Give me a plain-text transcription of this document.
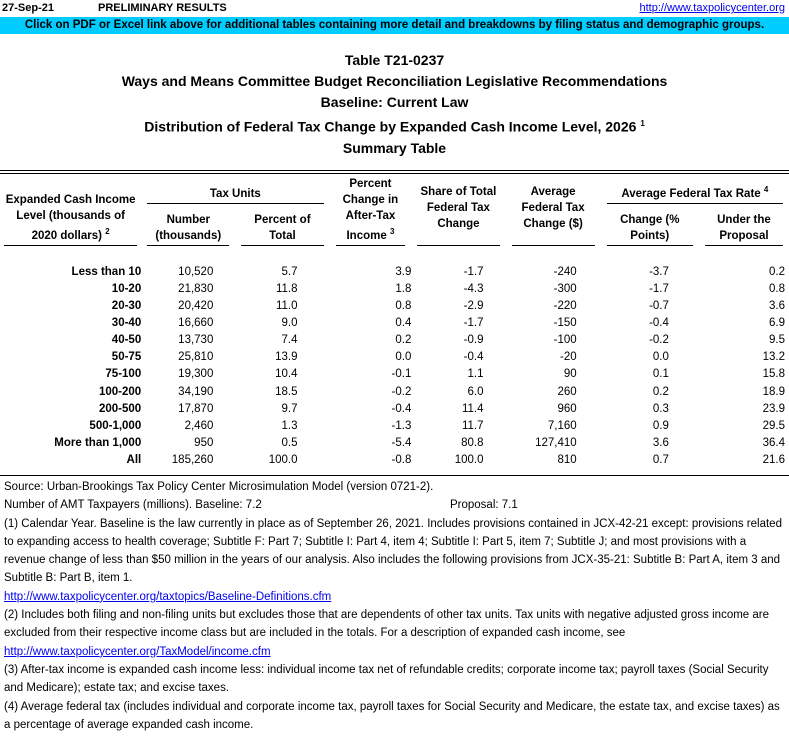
27-Sep-21	PRELIMINARY RESULTS	http://www.taxpolicycenter.org
Click on PDF or Excel link above for additional tables containing more detail and breakdowns by filing status and demographic groups.
Table T21-0237
Ways and Means Committee Budget Reconciliation Legislative Recommendations
Baseline: Current Law
Distribution of Federal Tax Change by Expanded Cash Income Level, 2026 $^1$
Summary Table
Expanded Cash Income Level (thousands of 2020 dollars) $^2$	Tax Units		Percent Change in After-Tax Income $^3$	Share of Total Federal Tax Change	Average Federal Tax Change ($)	Average Federal Tax Rate $^4$

	Number (thousands)	Percent of Total				Change (% Points)	Under the Proposal

Less than 10	10,520	5.7	3.9	-1.7	-240	-3.7	0.2
10-20	21,830	11.8	1.8	-4.3	-300	-1.7	0.8
20-30	20,420	11.0	0.8	-2.9	-220	-0.7	3.6
30-40	16,660	9.0	0.4	-1.7	-150	-0.4	6.9
40-50	13,730	7.4	0.2	-0.9	-100	-0.2	9.5
50-75	25,810	13.9	0.0	-0.4	-20	0.0	13.2
75-100	19,300	10.4	-0.1	1.1	90	0.1	15.8
100-200	34,190	18.5	-0.2	6.0	260	0.2	18.9
200-500	17,870	9.7	-0.4	11.4	960	0.3	23.9
500-1,000	2,460	1.3	-1.3	11.7	7,160	0.9	29.5
More than 1,000	950	0.5	-5.4	80.8	127,410	3.6	36.4
All	185,260	100.0	-0.8	100.0	810	0.7	21.6
Source: Urban-Brookings Tax Policy Center Microsimulation Model (version 0721-2).
Number of AMT Taxpayers (millions). Baseline: 7.2	Proposal: 7.1
(1) Calendar Year. Baseline is the law currently in place as of September 26, 2021. Includes provisions contained in JCX-42-21 except: provisions related to expanding access to health coverage; Subtitle F: Part 7; Subtitle I: Part 4, item 4; Subtitle I: Part 5, item 7; Subtitle J; and most provisions with a revenue change of less than $50 million in the years of our analysis. Also includes the following provisions from JCX-35-21: Subtitle B: Part A, item 3 and Subtitle B: Part B, item 1.
http://www.taxpolicycenter.org/taxtopics/Baseline-Definitions.cfm
(2) Includes both filing and non-filing units but excludes those that are dependents of other tax units. Tax units with negative adjusted gross income are excluded from their respective income class but are included in the totals. For a description of expanded cash income, see
http://www.taxpolicycenter.org/TaxModel/income.cfm
(3) After-tax income is expanded cash income less: individual income tax net of refundable credits; corporate income tax; payroll taxes (Social Security and Medicare); estate tax; and excise taxes.
(4) Average federal tax (includes individual and corporate income tax, payroll taxes for Social Security and Medicare, the estate tax, and excise taxes) as a percentage of average expanded cash income.
